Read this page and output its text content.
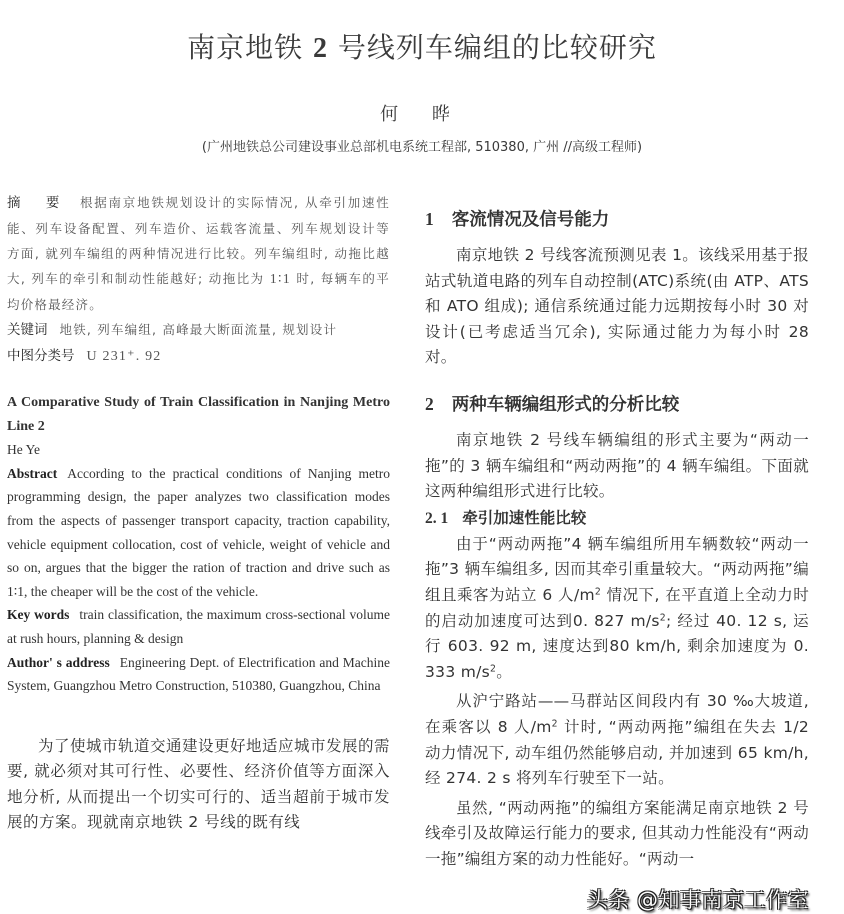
南京地铁 2 号线列车编组的比较研究
何 晔
(广州地铁总公司建设事业总部机电系统工程部, 510380, 广州 //高级工程师)
摘 要 根据南京地铁规划设计的实际情况, 从牵引加速性能、列车设备配置、列车造价、运载客流量、列车规划设计等方面, 就列车编组的两种情况进行比较。列车编组时, 动拖比越大, 列车的牵引和制动性能越好; 动拖比为 1∶1 时, 每辆车的平均价格最经济。
关键词 地铁, 列车编组, 高峰最大断面流量, 规划设计
中图分类号 U 231⁺. 92
A Comparative Study of Train Classification in Nanjing Metro Line 2
He Ye
Abstract According to the practical conditions of Nanjing metro programming design, the paper analyzes two classification modes from the aspects of passenger transport capacity, traction capability, vehicle equipment collocation, cost of vehicle, weight of vehicle and so on, argues that the bigger the ration of traction and drive such as 1∶1, the cheaper will be the cost of the vehicle.
Key words train classification, the maximum cross-sectional volume at rush hours, planning & design
Author' s address Engineering Dept. of Electrification and Machine System, Guangzhou Metro Construction, 510380, Guangzhou, China
为了使城市轨道交通建设更好地适应城市发展的需要, 就必须对其可行性、必要性、经济价值等方面深入地分析, 从而提出一个切实可行的、适当超前于城市发展的方案。现就南京地铁 2 号线的既有线
1 客流情况及信号能力

南京地铁 2 号线客流预测见表 1。该线采用基于报站式轨道电路的列车自动控制(ATC)系统(由 ATP、ATS 和 ATO 组成); 通信系统通过能力远期按每小时 30 对设计(已考虑适当冗余), 实际通过能力为每小时 28 对。

2 两种车辆编组形式的分析比较

南京地铁 2 号线车辆编组的形式主要为“两动一拖”的 3 辆车编组和“两动两拖”的 4 辆车编组。下面就这两种编组形式进行比较。

2. 1 牵引加速性能比较

由于“两动两拖”4 辆车编组所用车辆数较“两动一拖”3 辆车编组多, 因而其牵引重量较大。“两动两拖”编组且乘客为站立 6 人$/m^2$ 情况下, 在平直道上全动力时的启动加速度可达到0. 827 $m/s^2$; 经过 40. 12 s, 运行 603. 92 m, 速度达到80 km/h, 剩余加速度为 0. 333 $m/s^2$。

从沪宁路站——马群站区间段内有 30 ‰大坡道, 在乘客以 8 人$/m^2$ 计时, “两动两拖”编组在失去 1/2 动力情况下, 动车组仍然能够启动, 并加速到 65 km/h, 经 274. 2 s 将列车行驶至下一站。

虽然, “两动两拖”的编组方案能满足南京地铁 2 号线牵引及故障运行能力的要求, 但其动力性能没有“两动一拖”编组方案的动力性能好。“两动一

头条 @知事南京工作室
